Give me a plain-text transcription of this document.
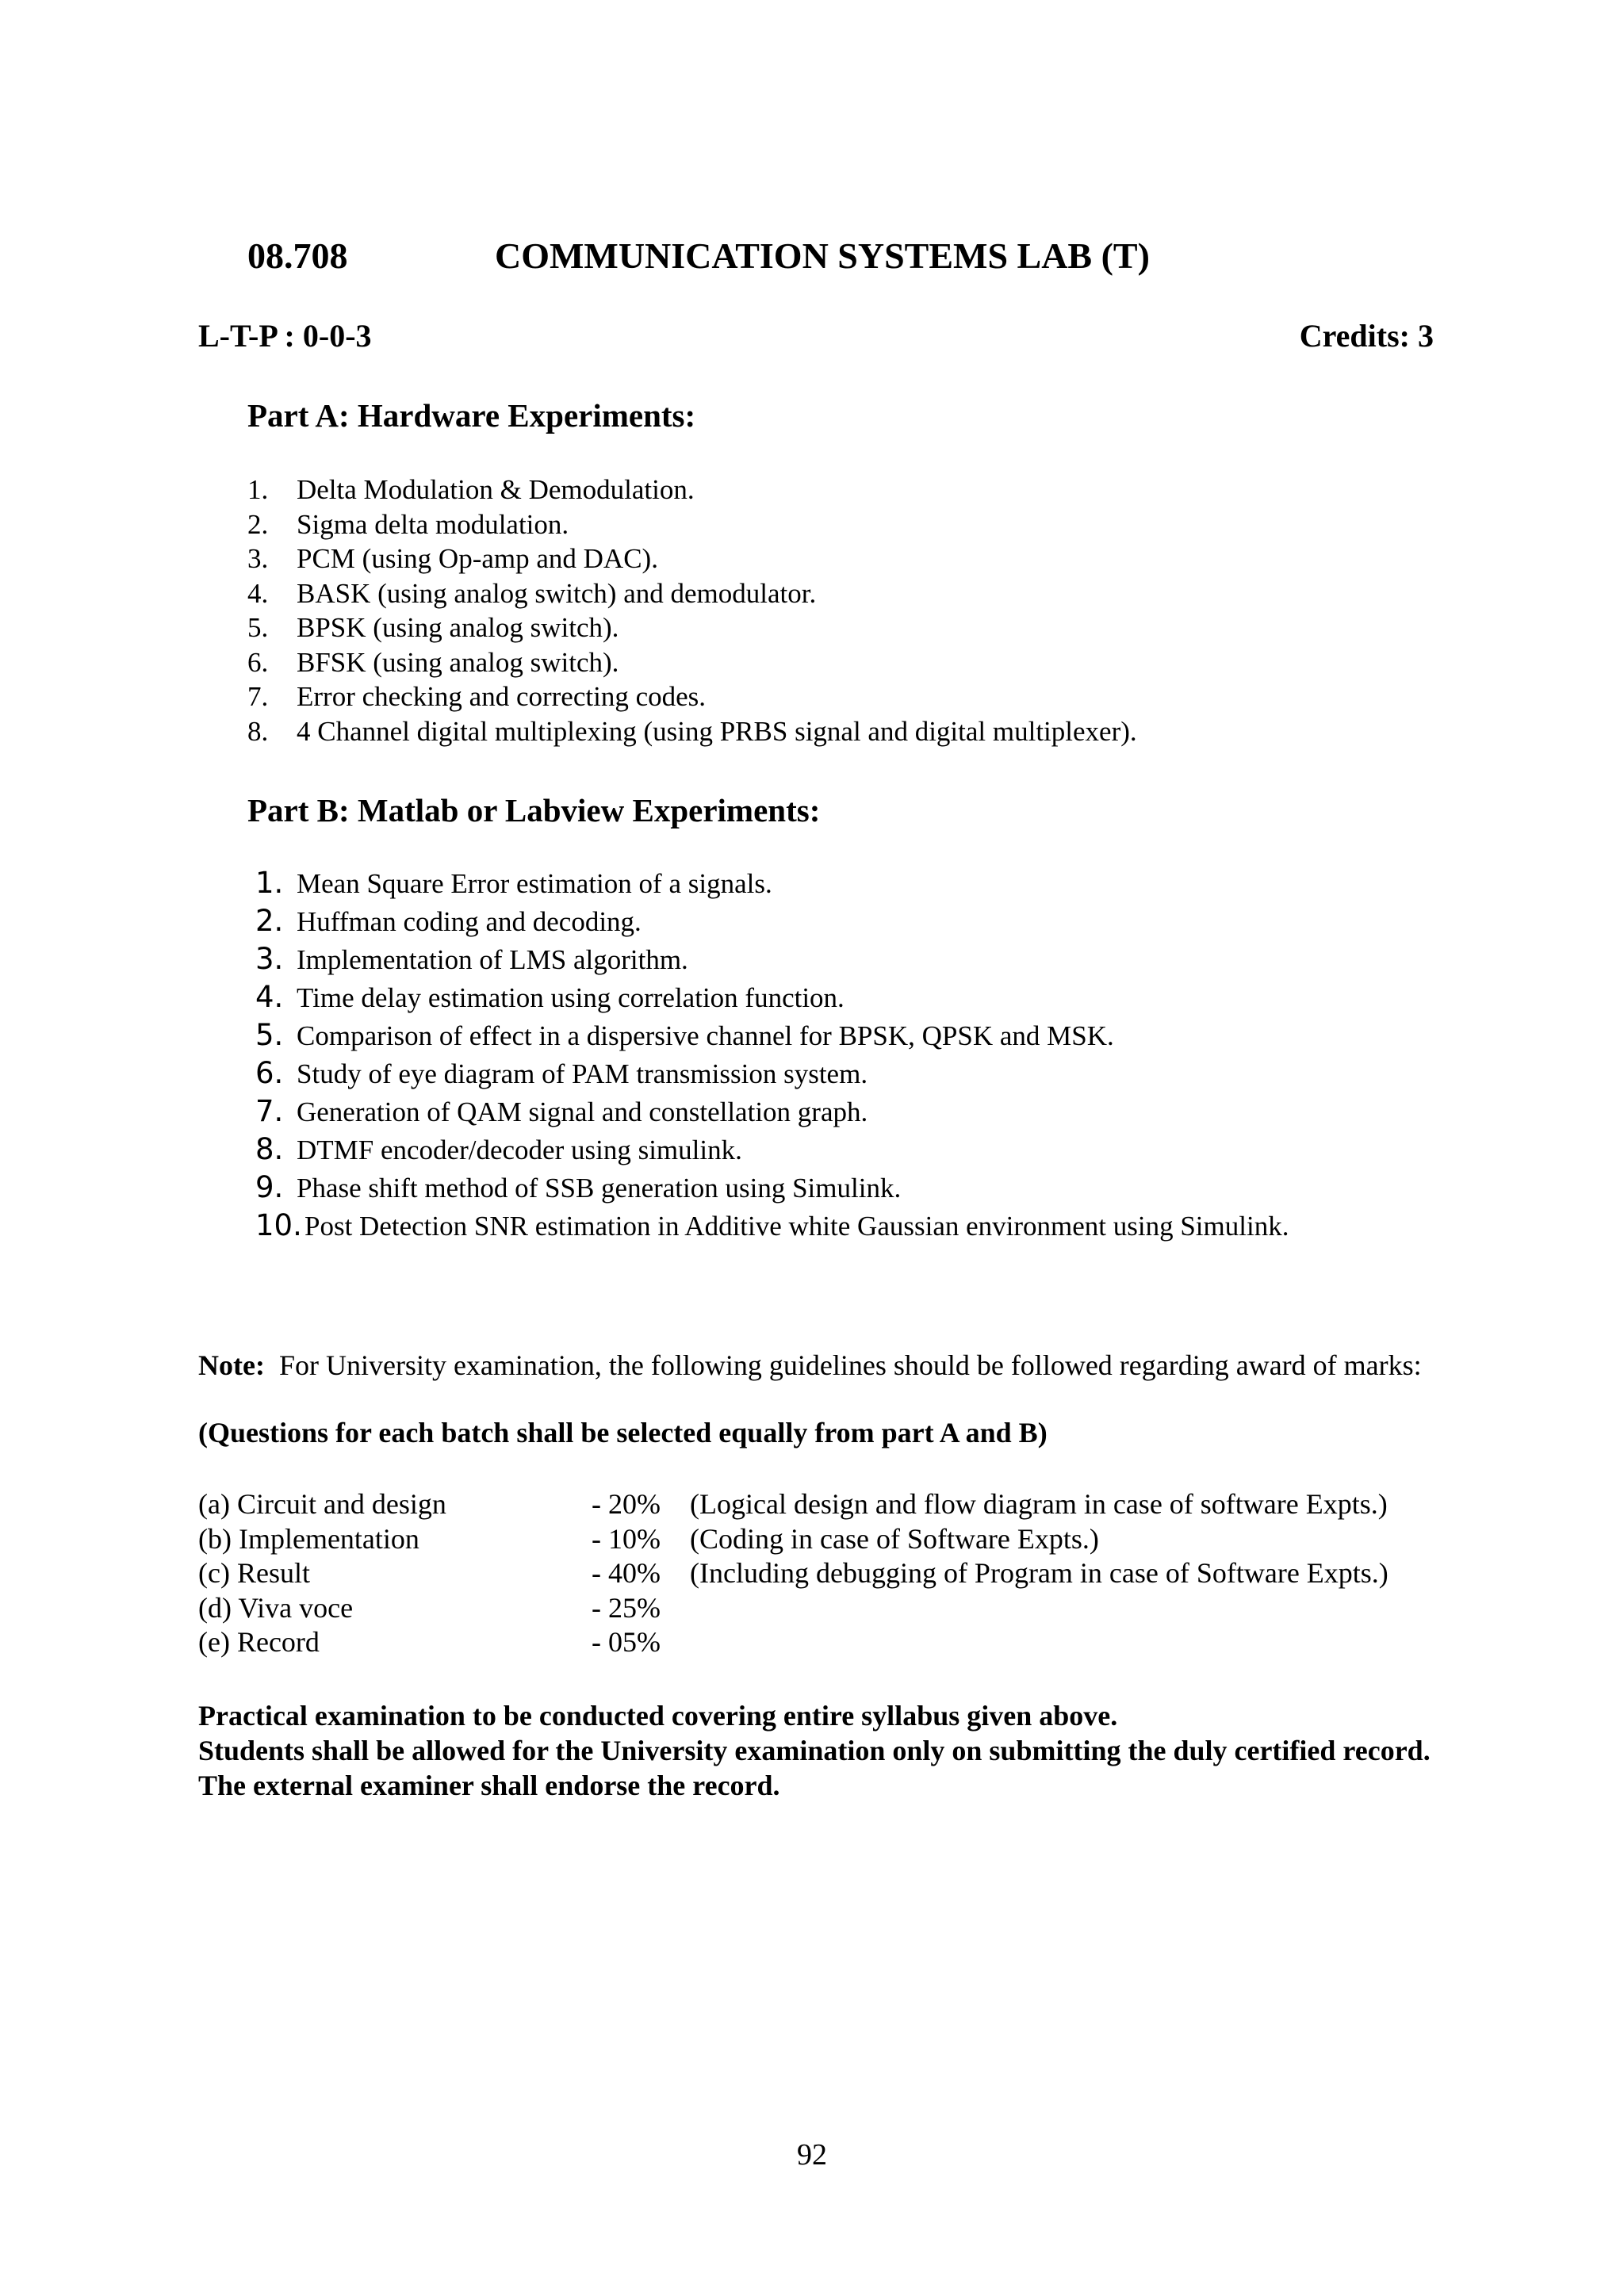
08.708	COMMUNICATION SYSTEMS LAB (T)
L-T-P : 0-0-3	Credits: 3
Part A: Hardware Experiments:
1. Delta Modulation & Demodulation.
2. Sigma delta modulation.
3. PCM (using Op-amp and DAC).
4. BASK (using analog switch) and demodulator.
5. BPSK (using analog switch).
6. BFSK (using analog switch).
7. Error checking and correcting codes.
8. 4 Channel digital multiplexing (using PRBS signal and digital multiplexer).
Part B: Matlab or Labview Experiments:
1. Mean Square Error estimation of a signals.
2. Huffman coding and decoding.
3. Implementation of LMS algorithm.
4. Time delay estimation using correlation function.
5. Comparison of effect in a dispersive channel for BPSK, QPSK and MSK.
6. Study of eye diagram of PAM transmission system.
7. Generation of QAM signal and constellation graph.
8. DTMF encoder/decoder using simulink.
9. Phase shift method of SSB generation using Simulink.
10.Post Detection SNR estimation in Additive white Gaussian environment using Simulink.
Note: For University examination, the following guidelines should be followed regarding award of marks:
(Questions for each batch shall be selected equally from part A and B)
(a) Circuit and design	- 20%	(Logical design and flow diagram in case of software Expts.)
(b) Implementation	- 10%	(Coding in case of Software Expts.)
(c) Result	- 40%	(Including debugging of Program in case of Software Expts.)
(d) Viva voce	- 25%
(e) Record	- 05%
Practical examination to be conducted covering entire syllabus given above.
Students shall be allowed for the University examination only on submitting the duly certified record. The external examiner shall endorse the record.
92
